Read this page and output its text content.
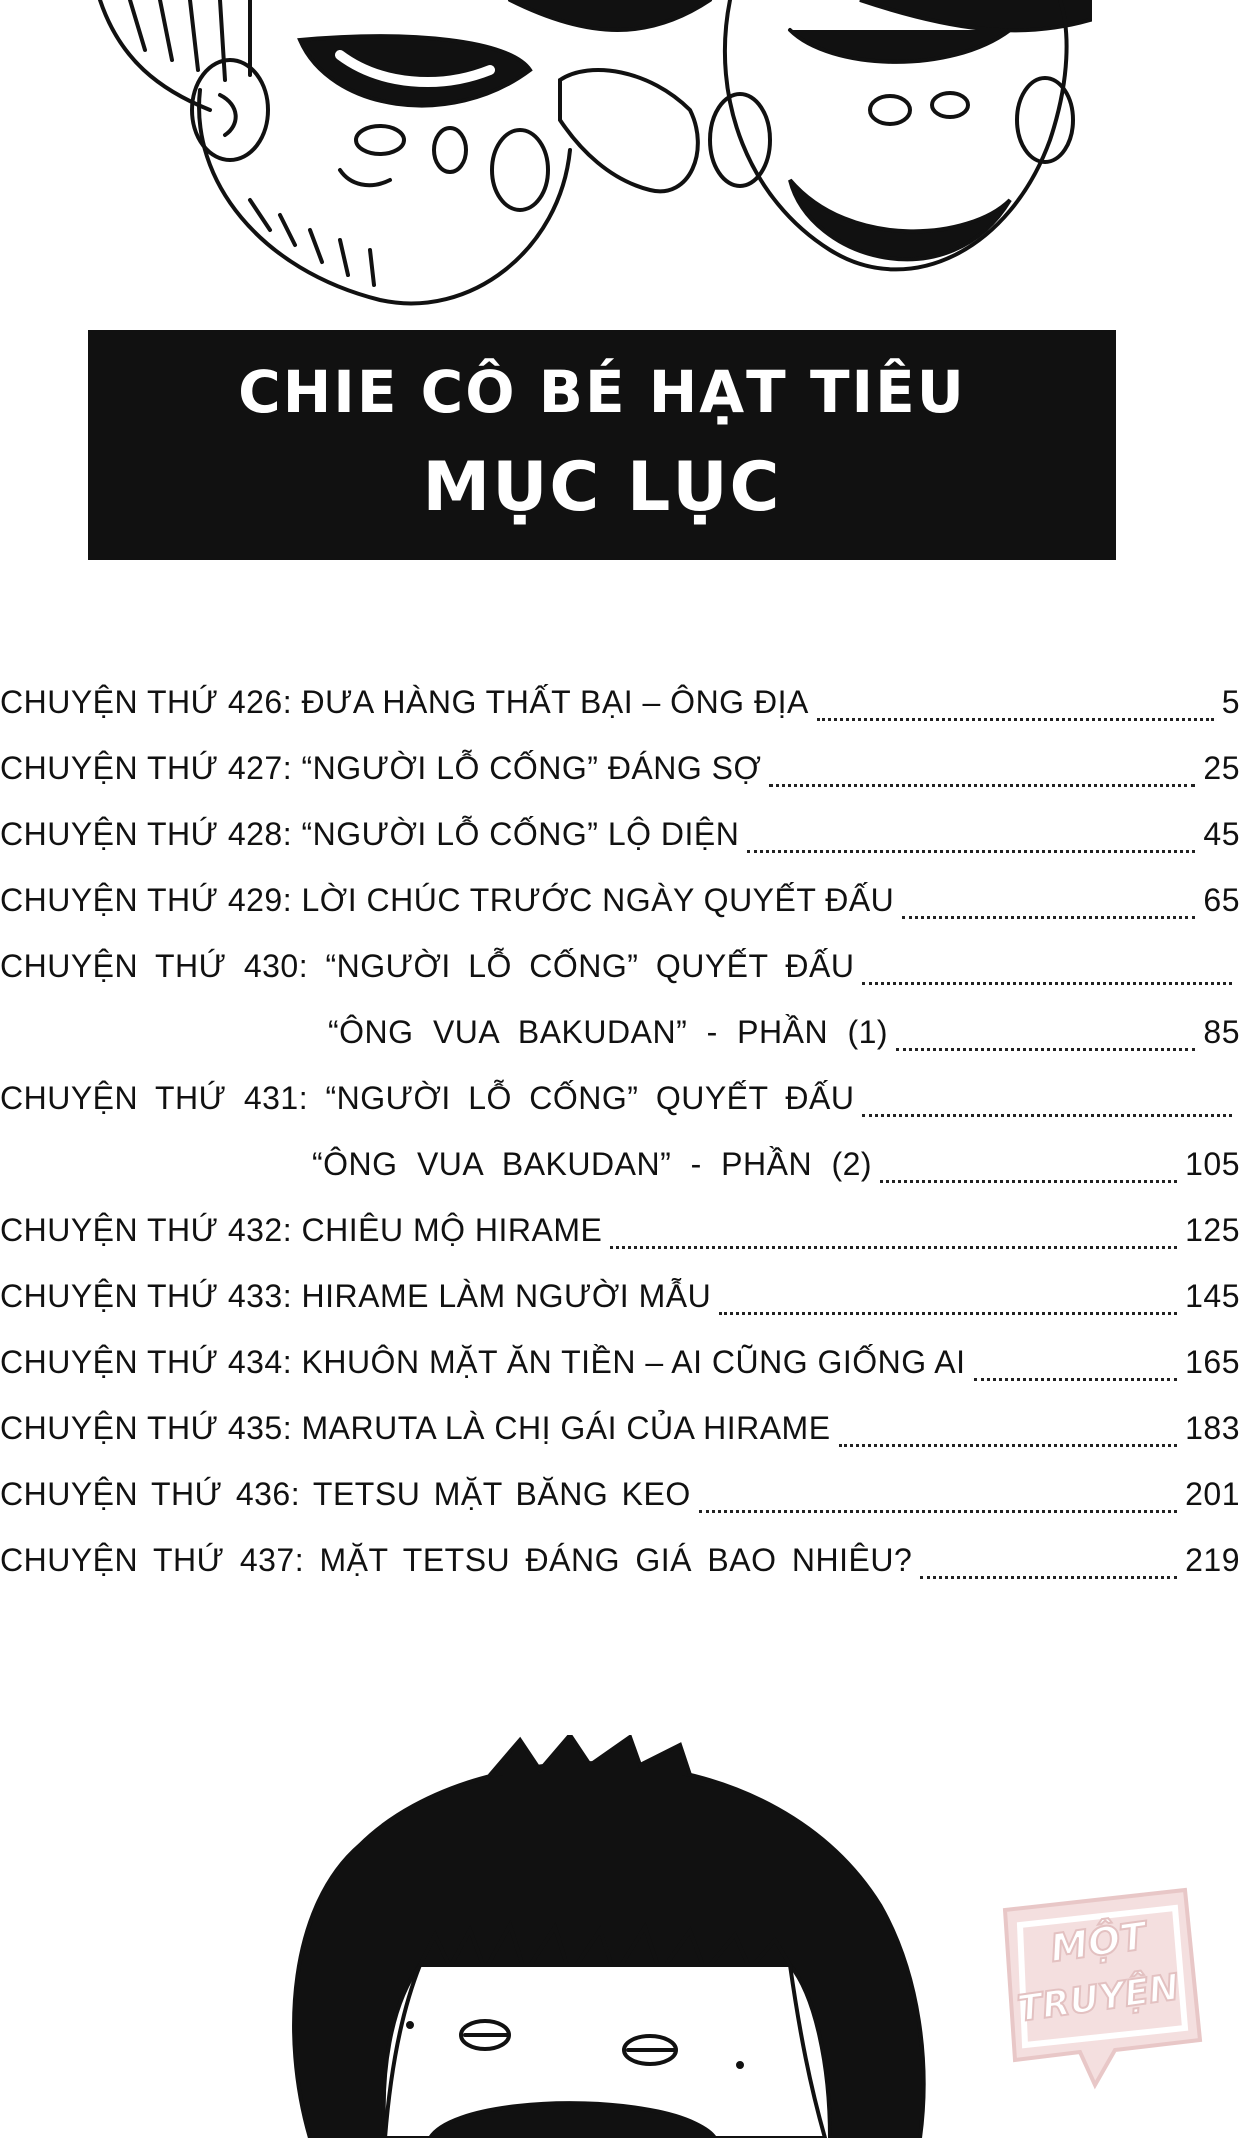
CHIE CÔ BÉ HẠT TIÊU
MỤC LỤC
CHUYỆN THỨ 426: ĐƯA HÀNG THẤT BẠI – ÔNG ĐỊA	5
CHUYỆN THỨ 427: “NGƯỜI LỖ CỐNG” ĐÁNG SỢ	25
CHUYỆN THỨ 428: “NGƯỜI LỖ CỐNG” LỘ DIỆN	45
CHUYỆN THỨ 429: LỜI CHÚC TRƯỚC NGÀY QUYẾT ĐẤU	65
CHUYỆN THỨ 430: “NGƯỜI LỖ CỐNG” QUYẾT ĐẤU
“ÔNG VUA BAKUDAN” - PHẦN (1)	85
CHUYỆN THỨ 431: “NGƯỜI LỖ CỐNG” QUYẾT ĐẤU
“ÔNG VUA BAKUDAN” - PHẦN (2)	105
CHUYỆN THỨ 432: CHIÊU MỘ HIRAME	125
CHUYỆN THỨ 433: HIRAME LÀM NGƯỜI MẪU	145
CHUYỆN THỨ 434: KHUÔN MẶT ĂN TIỀN – AI CŨNG GIỐNG AI	165
CHUYỆN THỨ 435: MARUTA LÀ CHỊ GÁI CỦA HIRAME	183
CHUYỆN THỨ 436: TETSU MẶT BĂNG KEO	201
CHUYỆN THỨ 437: MẶT TETSU ĐÁNG GIÁ BAO NHIÊU?	219
MỘT
TRUYỆN
